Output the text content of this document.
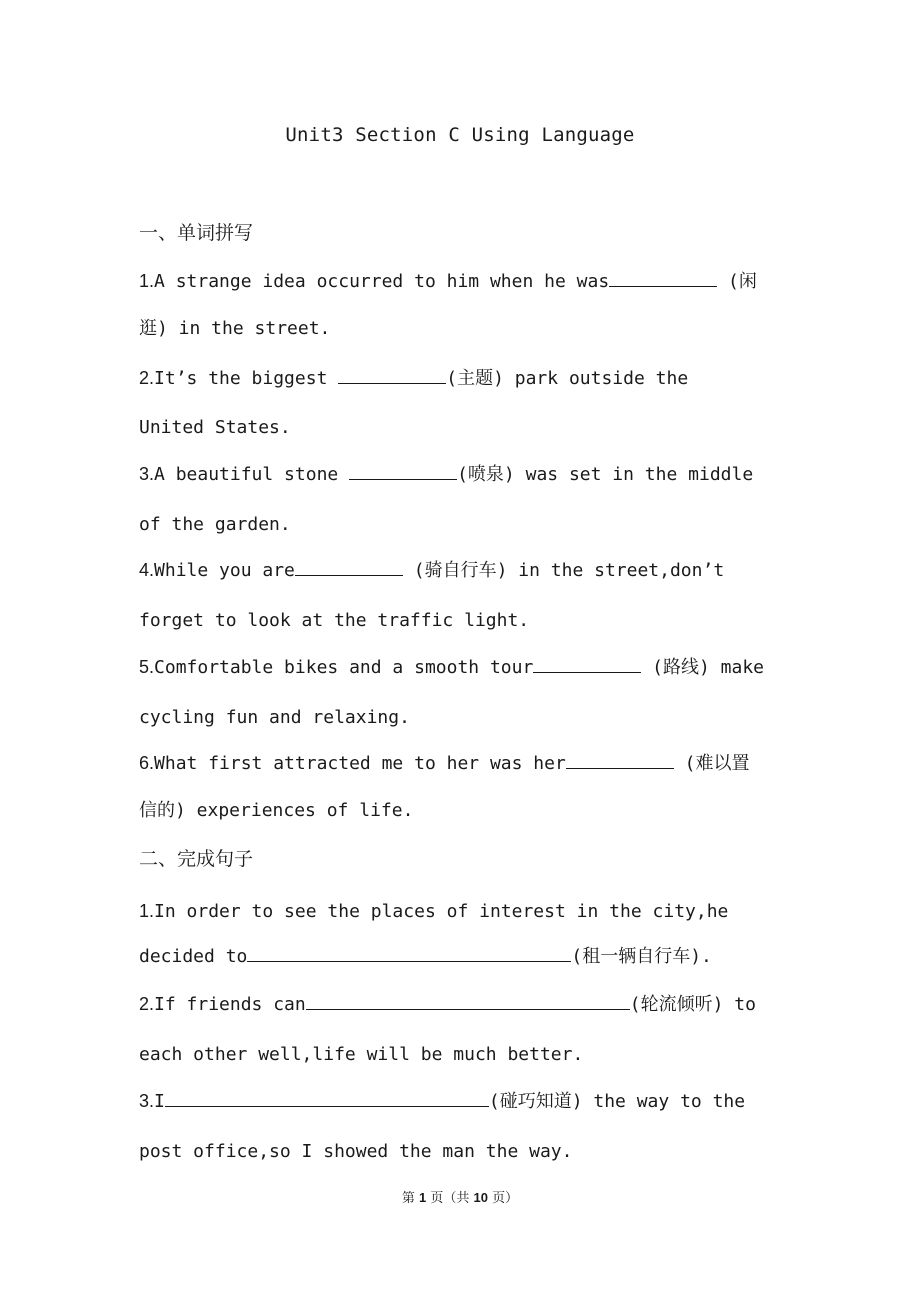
Unit3 Section C Using Language
一、单词拼写
1.A strange idea occurred to him when he was	(闲
逛) in the street.
2.It’s the biggest	(主题) park outside the
United States.
3.A beautiful stone	(喷泉) was set in the middle
of the garden.
4.While you are	(骑自行车) in the street,don’t
forget to look at the traffic light.
5.Comfortable bikes and a smooth tour	(路线) make
cycling fun and relaxing.
6.What first attracted me to her was her	(难以置
信的) experiences of life.
二、完成句子
1.In order to see the places of interest in the city,he
decided to	(租一辆自行车).
2.If friends can	(轮流倾听) to
each other well,life will be much better.
3.I	(碰巧知道) the way to the
post office,so I showed the man the way.
第 1 页（共 10 页）
